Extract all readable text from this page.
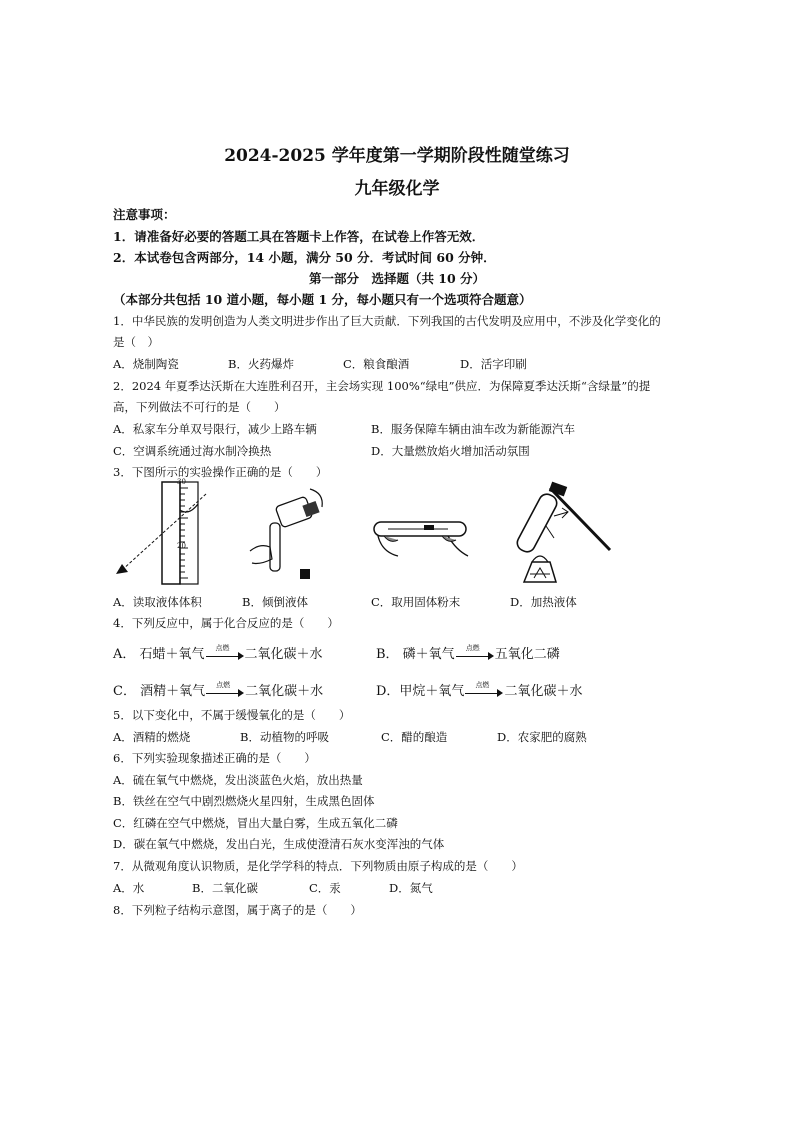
2024-2025 学年度第一学期阶段性随堂练习
九年级化学
注意事项：
1．请准备好必要的答题工具在答题卡上作答，在试卷上作答无效．
2．本试卷包含两部分，14 小题，满分 50 分．考试时间 60 分钟．
第一部分　选择题（共 10 分）
（本部分共包括 10 道小题，每小题 1 分，每小题只有一个选项符合题意）
1．中华民族的发明创造为人类文明进步作出了巨大贡献．下列我国的古代发明及应用中，不涉及化学变化的
是（　）
A．烧制陶瓷	B．火药爆炸	C．粮食酿酒	D．活字印刷
2．2024 年夏季达沃斯在大连胜利召开，主会场实现 100%“绿电”供应．为保障夏季达沃斯“含绿量”的提
高，下列做法不可行的是（　　）
A．私家车分单双号限行，减少上路车辆	B．服务保障车辆由油车改为新能源汽车
C．空调系统通过海水制冷换热	D．大量燃放焰火增加活动氛围
3．下图所示的实验操作正确的是（　　）
30
20
A．读取液体体积	B．倾倒液体	C．取用固体粉末	D．加热液体
4．下列反应中，属于化合反应的是（　　）
A． 石蜡＋氧气	点燃	二氧化碳＋水	B． 磷＋氧气	点燃	五氧化二磷
C． 酒精＋氧气	点燃	二氧化碳＋水	D．甲烷＋氧气	点燃	二氧化碳＋水
5．以下变化中，不属于缓慢氧化的是（　　）
A．酒精的燃烧	B．动植物的呼吸	C．醋的酿造	D．农家肥的腐熟
6．下列实验现象描述正确的是（　　）
A．硫在氧气中燃烧，发出淡蓝色火焰，放出热量
B．铁丝在空气中剧烈燃烧火星四射，生成黑色固体
C．红磷在空气中燃烧，冒出大量白雾，生成五氧化二磷
D．碳在氧气中燃烧，发出白光，生成使澄清石灰水变浑浊的气体
7．从微观角度认识物质，是化学学科的特点．下列物质由原子构成的是（　　）
A．水	B．二氧化碳	C．汞	D．氮气
8．下列粒子结构示意图，属于离子的是（　　）
